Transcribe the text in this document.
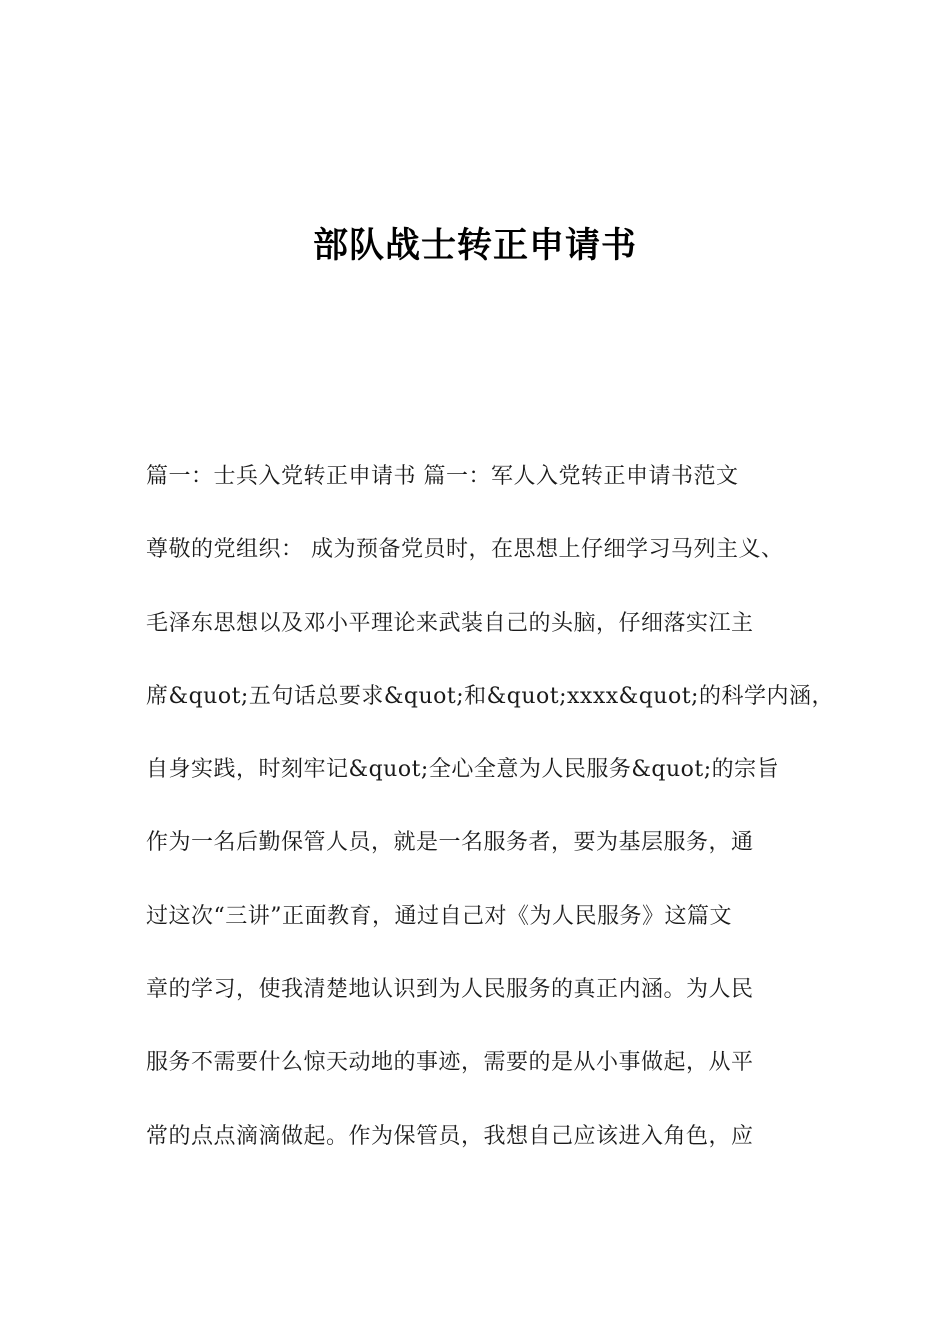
部队战士转正申请书
篇一：士兵入党转正申请书 篇一：军人入党转正申请书范文
尊敬的党组织： 成为预备党员时，在思想上仔细学习马列主义、
毛泽东思想以及邓小平理论来武装自己的头脑，仔细落实江主
席&quot;五句话总要求&quot;和&quot;xxxx&quot;的科学内涵，
自身实践，时刻牢记&quot;全心全意为人民服务&quot;的宗旨
作为一名后勤保管人员，就是一名服务者，要为基层服务，通
过这次“三讲”正面教育，通过自己对《为人民服务》这篇文
章的学习，使我清楚地认识到为人民服务的真正内涵。为人民
服务不需要什么惊天动地的事迹，需要的是从小事做起，从平
常的点点滴滴做起。作为保管员，我想自己应该进入角色，应
